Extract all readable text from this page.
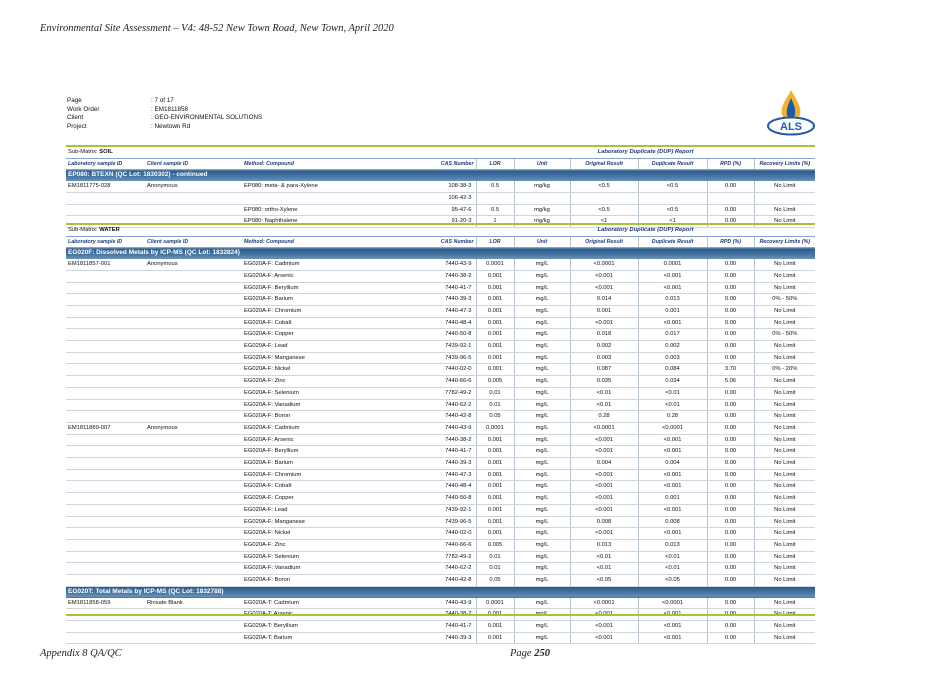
Environmental Site Assessment – V4: 48-52 New Town Road, New Town, April 2020
Page	: 7 of 17
Work Order	: EM1811858
Client	: GEO-ENVIRONMENTAL SOLUTIONS
Project	: Newtown Rd	ALS
Sub-Matrix: SOIL				Laboratory Duplicate (DUP) Report					
Laboratory sample ID	Client sample ID	Method: Compound	CAS Number	LOR	Unit	Original Result	Duplicate Result	RPD (%)	Recovery Limits (%)
EP080: BTEXN (QC Lot: 1830302) - continued									
EM1811775-028	Anonymous	EP080: meta- & para-Xylene	108-38-3	0.5	mg/kg	<0.5	<0.5	0.00	No Limit
			106-42-3						
		EP080: ortho-Xylene	95-47-6	0.5	mg/kg	<0.5	<0.5	0.00	No Limit
		EP080: Naphthalene	91-20-3	1	mg/kg	<1	<1	0.00	No Limit
Sub-Matrix: WATER				Laboratory Duplicate (DUP) Report					
Laboratory sample ID	Client sample ID	Method: Compound	CAS Number	LOR	Unit	Original Result	Duplicate Result	RPD (%)	Recovery Limits (%)
EG020F: Dissolved Metals by ICP-MS (QC Lot: 1832824)									
EM1811857-001	Anonymous	EG020A-F: Cadmium	7440-43-9	0.0001	mg/L	<0.0001	0.0001	0.00	No Limit
		EG020A-F: Arsenic	7440-38-2	0.001	mg/L	<0.001	<0.001	0.00	No Limit
		EG020A-F: Beryllium	7440-41-7	0.001	mg/L	<0.001	<0.001	0.00	No Limit
		EG020A-F: Barium	7440-39-3	0.001	mg/L	0.014	0.013	0.00	0% - 50%
		EG020A-F: Chromium	7440-47-3	0.001	mg/L	0.001	0.001	0.00	No Limit
		EG020A-F: Cobalt	7440-48-4	0.001	mg/L	<0.001	<0.001	0.00	No Limit
		EG020A-F: Copper	7440-50-8	0.001	mg/L	0.018	0.017	0.00	0% - 50%
		EG020A-F: Lead	7439-92-1	0.001	mg/L	0.002	0.002	0.00	No Limit
		EG020A-F: Manganese	7439-96-5	0.001	mg/L	0.003	0.003	0.00	No Limit
		EG020A-F: Nickel	7440-02-0	0.001	mg/L	0.087	0.084	3.70	0% - 20%
		EG020A-F: Zinc	7440-66-6	0.005	mg/L	0.035	0.034	5.06	No Limit
		EG020A-F: Selenium	7782-49-2	0.01	mg/L	<0.01	<0.01	0.00	No Limit
		EG020A-F: Vanadium	7440-62-2	0.01	mg/L	<0.01	<0.01	0.00	No Limit
		EG020A-F: Boron	7440-42-8	0.05	mg/L	0.28	0.28	0.00	No Limit
EM1811889-007	Anonymous	EG020A-F: Cadmium	7440-43-9	0.0001	mg/L	<0.0001	<0.0001	0.00	No Limit
		EG020A-F: Arsenic	7440-38-2	0.001	mg/L	<0.001	<0.001	0.00	No Limit
		EG020A-F: Beryllium	7440-41-7	0.001	mg/L	<0.001	<0.001	0.00	No Limit
		EG020A-F: Barium	7440-39-3	0.001	mg/L	0.004	0.004	0.00	No Limit
		EG020A-F: Chromium	7440-47-3	0.001	mg/L	<0.001	<0.001	0.00	No Limit
		EG020A-F: Cobalt	7440-48-4	0.001	mg/L	<0.001	<0.001	0.00	No Limit
		EG020A-F: Copper	7440-50-8	0.001	mg/L	<0.001	0.001	0.00	No Limit
		EG020A-F: Lead	7439-92-1	0.001	mg/L	<0.001	<0.001	0.00	No Limit
		EG020A-F: Manganese	7439-96-5	0.001	mg/L	0.008	0.008	0.00	No Limit
		EG020A-F: Nickel	7440-02-0	0.001	mg/L	<0.001	<0.001	0.00	No Limit
		EG020A-F: Zinc	7440-66-6	0.005	mg/L	0.013	0.013	0.00	No Limit
		EG020A-F: Selenium	7782-49-2	0.01	mg/L	<0.01	<0.01	0.00	No Limit
		EG020A-F: Vanadium	7440-62-2	0.01	mg/L	<0.01	<0.01	0.00	No Limit
		EG020A-F: Boron	7440-42-8	0.05	mg/L	<0.05	<0.05	0.00	No Limit
EG020T: Total Metals by ICP-MS (QC Lot: 1832788)									
EM1811858-059	Rinsate Blank	EG020A-T: Cadmium	7440-43-9	0.0001	mg/L	<0.0001	<0.0001	0.00	No Limit
		EG020A-T: Arsenic	7440-38-2	0.001	mg/L	<0.001	<0.001	0.00	No Limit
		EG020A-T: Beryllium	7440-41-7	0.001	mg/L	<0.001	<0.001	0.00	No Limit
		EG020A-T: Barium	7440-39-3	0.001	mg/L	<0.001	<0.001	0.00	No Limit
Appendix 8 QA/QC	Page 250
